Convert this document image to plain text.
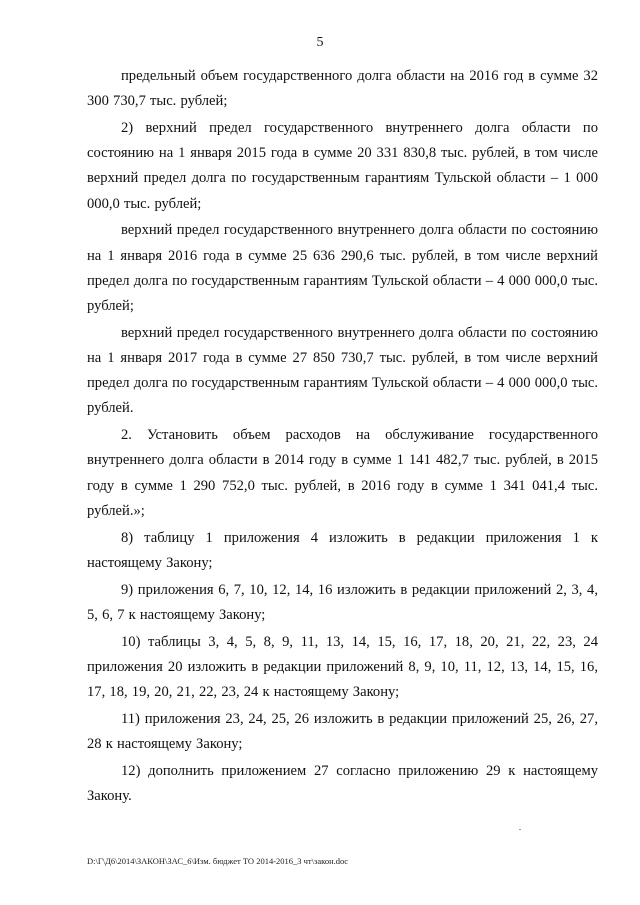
5

предельный объем государственного долга области на 2016 год в сумме 32 300 730,7 тыс. рублей;

2) верхний предел государственного внутреннего долга области по состоянию на 1 января 2015 года в сумме 20 331 830,8 тыс. рублей, в том числе верхний предел долга по государственным гарантиям Тульской области – 1 000 000,0 тыс. рублей;

верхний предел государственного внутреннего долга области по состоянию на 1 января 2016 года в сумме 25 636 290,6 тыс. рублей, в том числе верхний предел долга по государственным гарантиям Тульской области – 4 000 000,0 тыс. рублей;

верхний предел государственного внутреннего долга области по состоянию на 1 января 2017 года в сумме 27 850 730,7 тыс. рублей, в том числе верхний предел долга по государственным гарантиям Тульской области – 4 000 000,0 тыс. рублей.

2. Установить объем расходов на обслуживание государственного внутреннего долга области в 2014 году в сумме 1 141 482,7 тыс. рублей, в 2015 году в сумме 1 290 752,0 тыс. рублей, в 2016 году в сумме 1 341 041,4 тыс. рублей.»;

8) таблицу 1 приложения 4 изложить в редакции приложения 1 к настоящему Закону;

9) приложения 6, 7, 10, 12, 14, 16 изложить в редакции приложений 2, 3, 4, 5, 6, 7 к настоящему Закону;

10) таблицы 3, 4, 5, 8, 9, 11, 13, 14, 15, 16, 17, 18, 20, 21, 22, 23, 24 приложения 20 изложить в редакции приложений 8, 9, 10, 11, 12, 13, 14, 15, 16, 17, 18, 19, 20, 21, 22, 23, 24 к настоящему Закону;

11) приложения 23, 24, 25, 26 изложить в редакции приложений 25, 26, 27, 28 к настоящему Закону;

12) дополнить приложением 27 согласно приложению 29 к настоящему Закону.

D:\Г\Д6\2014\ЗАКОН\ЗАС_6\Изм. бюджет ТО 2014-2016_3 чт\закон.doc
